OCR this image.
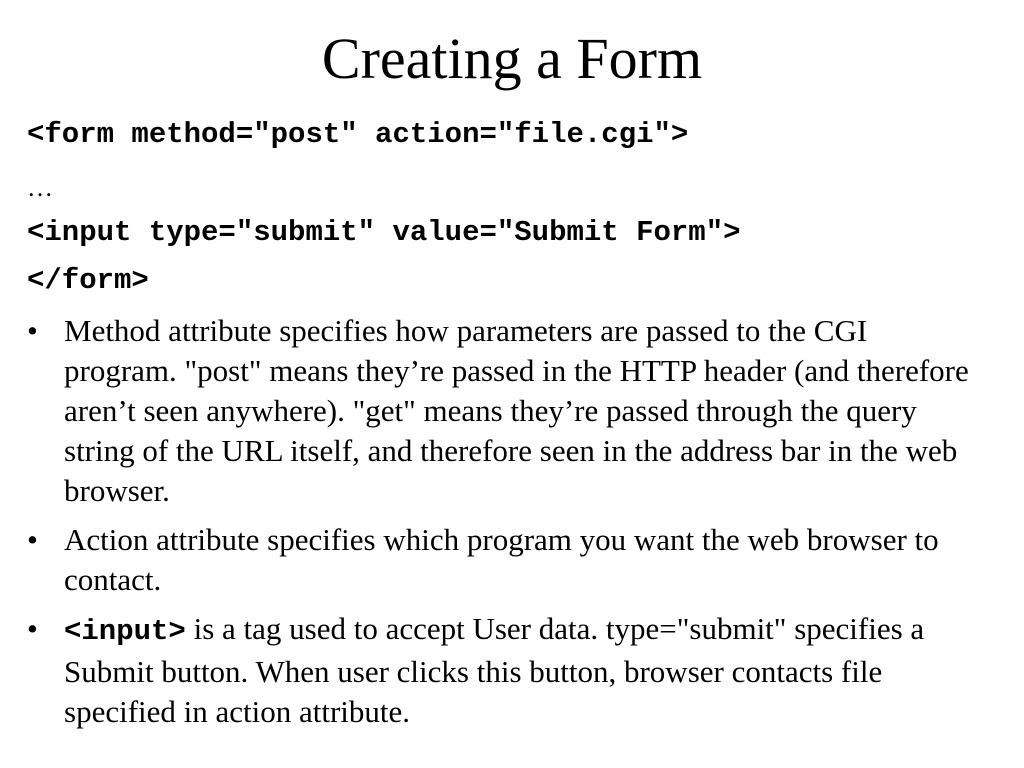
Creating a Form
<form method="post" action="file.cgi">
…
<input type="submit" value="Submit Form">
</form>
• Method attribute specifies how parameters are passed to the CGI program. "post" means they’re passed in the HTTP header (and therefore aren’t seen anywhere). "get" means they’re passed through the query string of the URL itself, and therefore seen in the address bar in the web browser.
• Action attribute specifies which program you want the web browser to contact.
• <input> is a tag used to accept User data. type="submit" specifies a Submit button. When user clicks this button, browser contacts file specified in action attribute.
